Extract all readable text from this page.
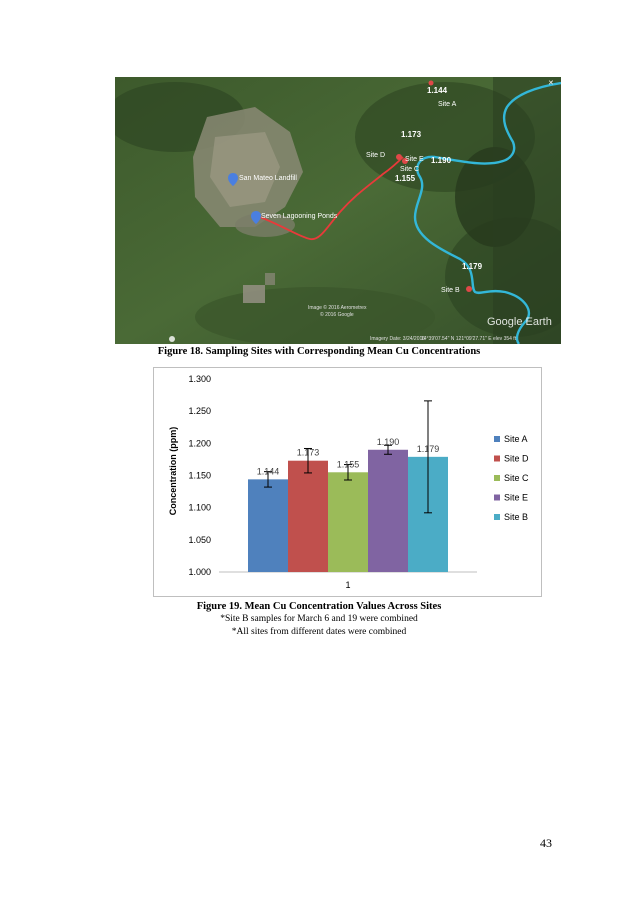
San Mateo Landfill
Seven Lagooning Ponds
1.144
Site A
1.173
Site D
Site C
Site E 1.190
1.155
1.179
Site B
Image © 2016 Aerometrex
© 2016 Google
Imagery Date: 3/24/2016
14°39'07.54" N 121°09'27.71" E elev 354 ft
Google Earth
✕
Figure 18. Sampling Sites with Corresponding Mean Cu Concentrations
1.000
1.050
1.100
1.150
1.200
1.250
1.300
Concentration (ppm)	1.144
1.173
1.155
1.190
1.179
1
Site A
Site D
Site C
Site E
Site B
Figure 19. Mean Cu Concentration Values Across Sites
*Site B samples for March 6 and 19 were combined
*All sites from different dates were combined
43
